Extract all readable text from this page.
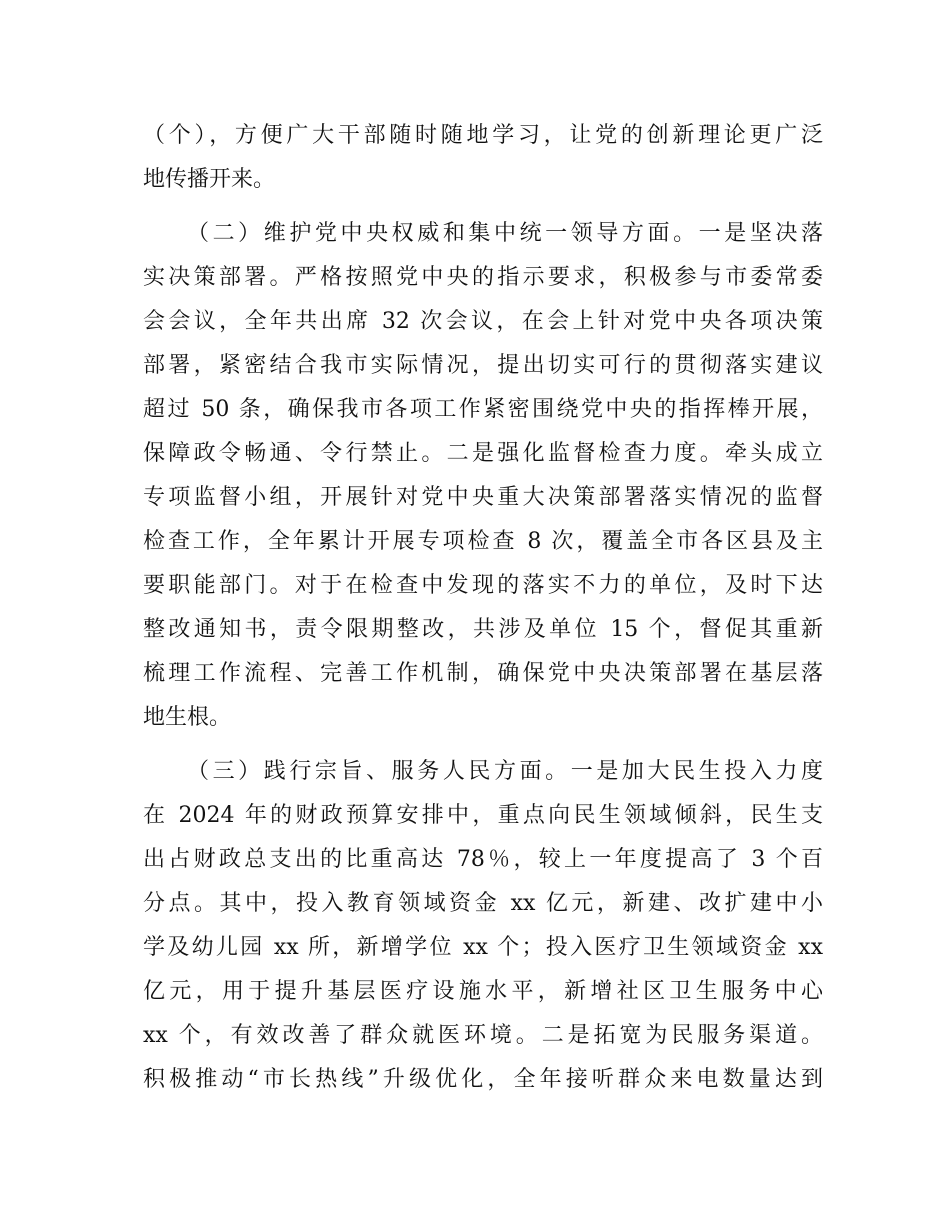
（个），方便广大干部随时随地学习，让党的创新理论更广泛
地传播开来。
（二）维护党中央权威和集中统一领导方面。一是坚决落
实决策部署。严格按照党中央的指示要求，积极参与市委常委
会会议，全年共出席 32 次会议，在会上针对党中央各项决策
部署，紧密结合我市实际情况，提出切实可行的贯彻落实建议
超过 50 条，确保我市各项工作紧密围绕党中央的指挥棒开展，
保障政令畅通、令行禁止。二是强化监督检查力度。牵头成立
专项监督小组，开展针对党中央重大决策部署落实情况的监督
检查工作，全年累计开展专项检查 8 次，覆盖全市各区县及主
要职能部门。对于在检查中发现的落实不力的单位，及时下达
整改通知书，责令限期整改，共涉及单位 15 个，督促其重新
梳理工作流程、完善工作机制，确保党中央决策部署在基层落
地生根。
（三）践行宗旨、服务人民方面。一是加大民生投入力度
在 2024 年的财政预算安排中，重点向民生领域倾斜，民生支
出占财政总支出的比重高达 78％，较上一年度提高了 3 个百
分点。其中，投入教育领域资金 xx 亿元，新建、改扩建中小
学及幼儿园 xx 所，新增学位 xx 个；投入医疗卫生领域资金 xx
亿元，用于提升基层医疗设施水平，新增社区卫生服务中心
xx 个，有效改善了群众就医环境。二是拓宽为民服务渠道。
积极推动“市长热线”升级优化，全年接听群众来电数量达到
